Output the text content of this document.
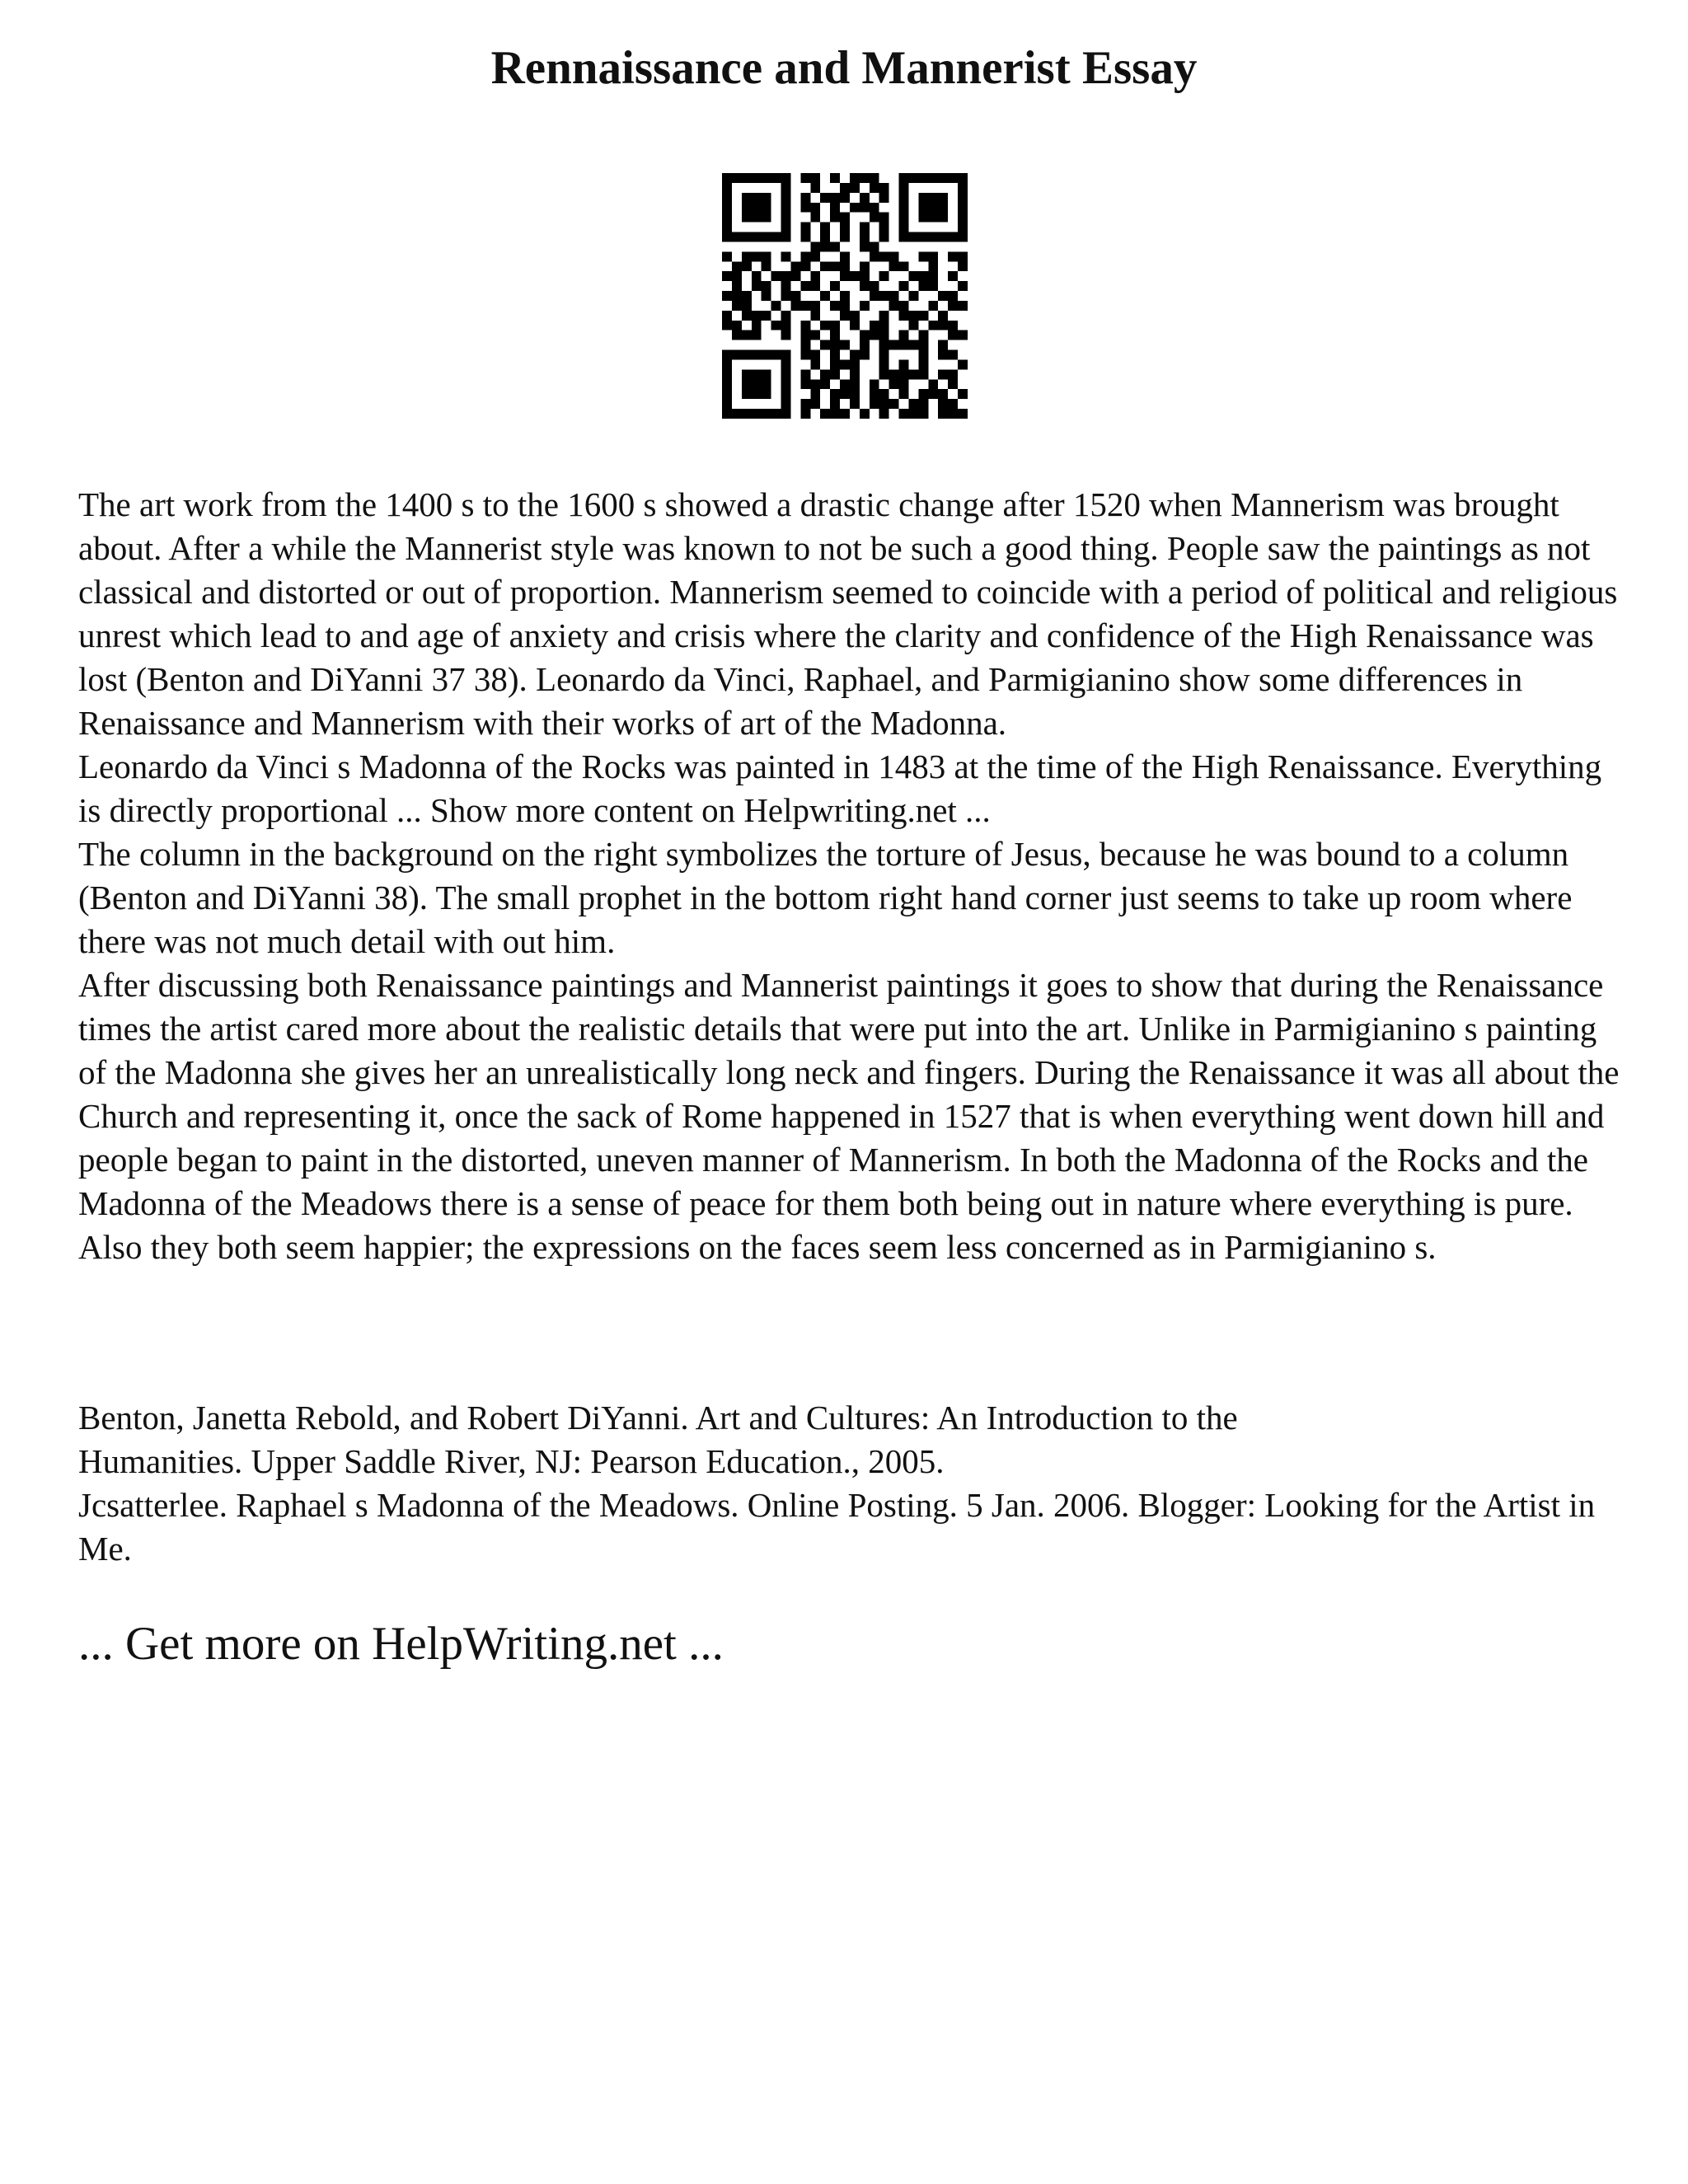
Rennaissance and Mannerist Essay

The art work from the 1400 s to the 1600 s showed a drastic change after 1520 when Mannerism was brought about. After a while the Mannerist style was known to not be such a good thing. People saw the paintings as not classical and distorted or out of proportion. Mannerism seemed to coincide with a period of political and religious unrest which lead to and age of anxiety and crisis where the clarity and confidence of the High Renaissance was lost (Benton and DiYanni 37 38). Leonardo da Vinci, Raphael, and Parmigianino show some differences in Renaissance and Mannerism with their works of art of the Madonna.

Leonardo da Vinci s Madonna of the Rocks was painted in 1483 at the time of the High Renaissance. Everything is directly proportional ... Show more content on Helpwriting.net ...

The column in the background on the right symbolizes the torture of Jesus, because he was bound to a column (Benton and DiYanni 38). The small prophet in the bottom right hand corner just seems to take up room where there was not much detail with out him.

After discussing both Renaissance paintings and Mannerist paintings it goes to show that during the Renaissance times the artist cared more about the realistic details that were put into the art. Unlike in Parmigianino s painting of the Madonna she gives her an unrealistically long neck and fingers. During the Renaissance it was all about the Church and representing it, once the sack of Rome happened in 1527 that is when everything went down hill and people began to paint in the distorted, uneven manner of Mannerism. In both the Madonna of the Rocks and the Madonna of the Meadows there is a sense of peace for them both being out in nature where everything is pure. Also they both seem happier; the expressions on the faces seem less concerned as in Parmigianino s.

Benton, Janetta Rebold, and Robert DiYanni. Art and Cultures: An Introduction to the
Humanities. Upper Saddle River, NJ: Pearson Education., 2005.

Jcsatterlee. Raphael s Madonna of the Meadows. Online Posting. 5 Jan. 2006. Blogger: Looking for the Artist in Me.

... Get more on HelpWriting.net ...
